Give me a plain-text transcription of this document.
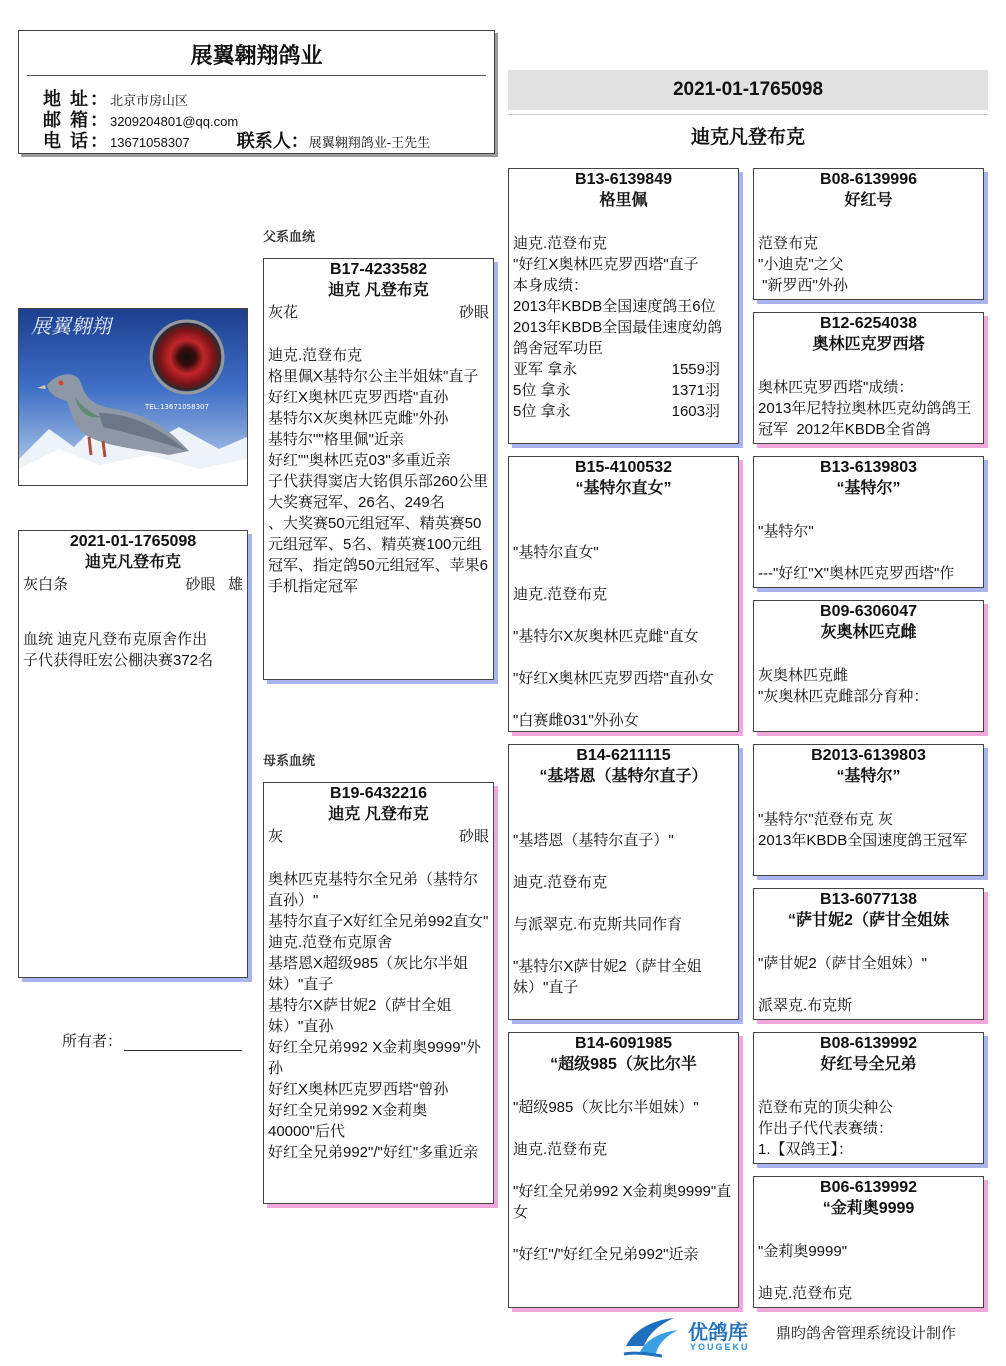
展翼翱翔鸽业
地 址：北京市房山区
邮 箱：3209204801@qq.com
电 话：13671058307	联系人：展翼翱翔鸽业-王先生
2021-01-1765098
迪克凡登布克
展翼翱翔
TEL:13671058307
父系血统
母系血统
2021-01-1765098
迪克凡登布克
灰白条	砂眼 雄
血统 迪克凡登布克原舍作出
子代获得旺宏公棚决赛372名
所有者：
B17-4233582
迪克 凡登布克
灰花	砂眼
迪克.范登布克
格里佩X基特尔公主半姐妹"直子
好红X奥林匹克罗西塔"直孙
基特尔X灰奥林匹克雌"外孙
基特尔""格里佩"近亲
好红""奥林匹克03"多重近亲
子代获得窦店大铭俱乐部260公里大奖赛冠军、26名、249名
、大奖赛50元组冠军、精英赛50元组冠军、5名、精英赛100元组冠军、指定鸽50元组冠军、苹果6手机指定冠军
B19-6432216
迪克 凡登布克
灰	砂眼
奥林匹克基特尔全兄弟（基特尔直孙）"
基特尔直子X好红全兄弟992直女"
迪克.范登布克原舍
基塔恩X超级985（灰比尔半姐妹）"直子
基特尔X萨甘妮2（萨甘全姐妹）"直孙
好红全兄弟992 X金莉奥9999"外孙
好红X奥林匹克罗西塔"曾孙
好红全兄弟992 X金莉奥40000"后代
好红全兄弟992"/"好红"多重近亲
B13-6139849
格里佩

迪克.范登布克
"好红X奥林匹克罗西塔"直子
本身成绩：
2013年KBDB全国速度鸽王6位
2013年KBDB全国最佳速度幼鸽鸽舍冠军功臣
亚军 拿永	1559羽
5位 拿永	1371羽
5位 拿永	1603羽
B15-4100532
“基特尔直女”

"基特尔直女"

迪克.范登布克

"基特尔X灰奥林匹克雌"直女

"好红X奥林匹克罗西塔"直孙女

"白赛雌031"外孙女
B14-6211115
“基塔恩（基特尔直子）

"基塔恩（基特尔直子）"

迪克.范登布克

与派翠克.布克斯共同作育

"基特尔X萨甘妮2（萨甘全姐妹）"直子
B14-6091985
“超级985（灰比尔半

"超级985（灰比尔半姐妹）"

迪克.范登布克

"好红全兄弟992 X金莉奥9999"直女

"好红"/"好红全兄弟992"近亲
B08-6139996
好红号

范登布克
"小迪克"之父
"新罗西"外孙
B12-6254038
奥林匹克罗西塔

奥林匹克罗西塔"成绩：
2013年尼特拉奥林匹克幼鸽鸽王冠军  2012年KBDB全省鸽
B13-6139803
“基特尔”

"基特尔"

---"好红"X"奥林匹克罗西塔"作
B09-6306047
灰奥林匹克雌

灰奥林匹克雌
"灰奥林匹克雌部分育种：
B2013-6139803
“基特尔”

"基特尔"范登布克 灰
2013年KBDB全国速度鸽王冠军
B13-6077138
“萨甘妮2（萨甘全姐妹

"萨甘妮2（萨甘全姐妹）"

派翠克.布克斯
B08-6139992
好红号全兄弟

范登布克的顶尖种公
作出子代代表赛绩：
1.【双鸽王】：
B06-6139992
“金莉奥9999

"金莉奥9999"

迪克.范登布克
优鸽库
YOUGEKU
鼎昀鸽舍管理系统设计制作
